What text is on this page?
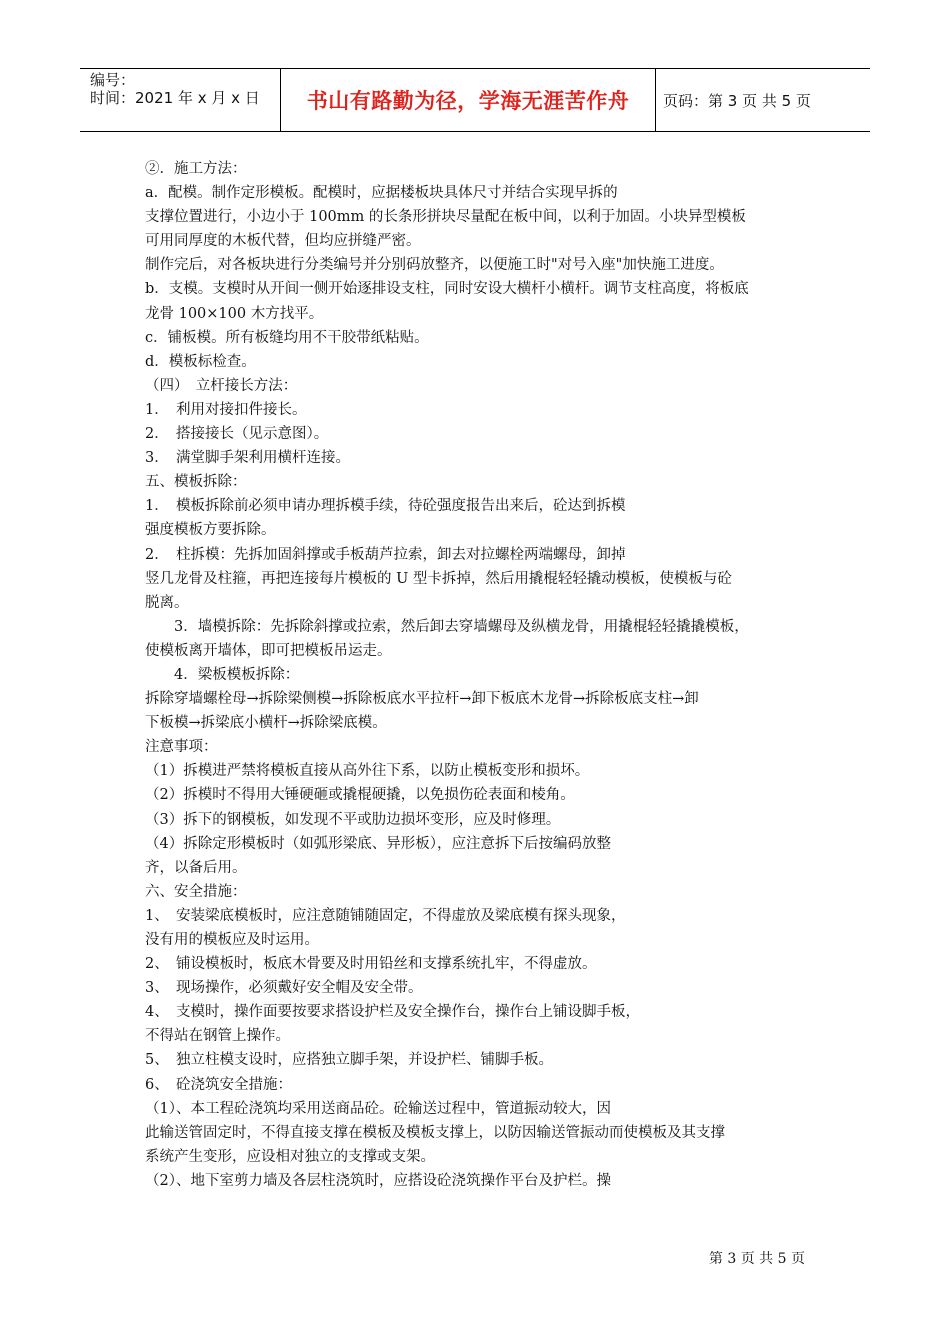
编号：
时间：2021 年 x 月 x 日	书山有路勤为径，学海无涯苦作舟 页码：第 3 页 共 5 页
②．施工方法：
a．配模。制作定形模板。配模时，应据楼板块具体尺寸并结合实现早拆的
支撑位置进行，小边小于 100mm 的长条形拼块尽量配在板中间，以利于加固。小块异型模板
可用同厚度的木板代替，但均应拼缝严密。
制作完后，对各板块进行分类编号并分别码放整齐，以便施工时"对号入座"加快施工进度。
b．支模。支模时从开间一侧开始逐排设支柱，同时安设大横杆小横杆。调节支柱高度，将板底
龙骨 100×100 木方找平。
c．铺板模。所有板缝均用不干胶带纸粘贴。
d．模板标检查。
（四）　立杆接长方法：
1．　利用对接扣件接长。
2．　搭接接长（见示意图）。
3．　满堂脚手架利用横杆连接。
五、模板拆除：
1．　模板拆除前必须申请办理拆模手续，待砼强度报告出来后，砼达到拆模
强度模板方要拆除。
2．　柱拆模：先拆加固斜撑或手板葫芦拉索，卸去对拉螺栓两端螺母，卸掉
竖几龙骨及柱箍，再把连接每片模板的 U 型卡拆掉，然后用撬棍轻轻撬动模板，使模板与砼
脱离。
　　3．墙模拆除：先拆除斜撑或拉索，然后卸去穿墙螺母及纵横龙骨，用撬棍轻轻撬撬模板，
使模板离开墙体，即可把模板吊运走。
　　4．梁板模板拆除：
拆除穿墙螺栓母→拆除梁侧模→拆除板底水平拉杆→卸下板底木龙骨→拆除板底支柱→卸
下板模→拆梁底小横杆→拆除梁底模。
注意事项：
（1）拆模进严禁将模板直接从高外往下系，以防止模板变形和损坏。
（2）拆模时不得用大锤硬砸或撬棍硬撬，以免损伤砼表面和棱角。
（3）拆下的钢模板，如发现不平或肋边损坏变形，应及时修理。
（4）拆除定形模板时（如弧形梁底、异形板），应注意拆下后按编码放整
齐，以备后用。
六、安全措施：
1、　安装梁底模板时，应注意随铺随固定，不得虚放及梁底模有探头现象，
没有用的模板应及时运用。
2、　铺设模板时，板底木骨要及时用铅丝和支撑系统扎牢，不得虚放。
3、　现场操作，必须戴好安全帽及安全带。
4、　支模时，操作面要按要求搭设护栏及安全操作台，操作台上铺设脚手板，
不得站在钢管上操作。
5、　独立柱模支设时，应搭独立脚手架，并设护栏、铺脚手板。
6、　砼浇筑安全措施：
（1）、本工程砼浇筑均采用送商品砼。砼输送过程中，管道振动较大，因
此输送管固定时，不得直接支撑在模板及模板支撑上，以防因输送管振动而使模板及其支撑
系统产生变形，应设相对独立的支撑或支架。
（2）、地下室剪力墙及各层柱浇筑时，应搭设砼浇筑操作平台及护栏。操
第 3 页 共 5 页
